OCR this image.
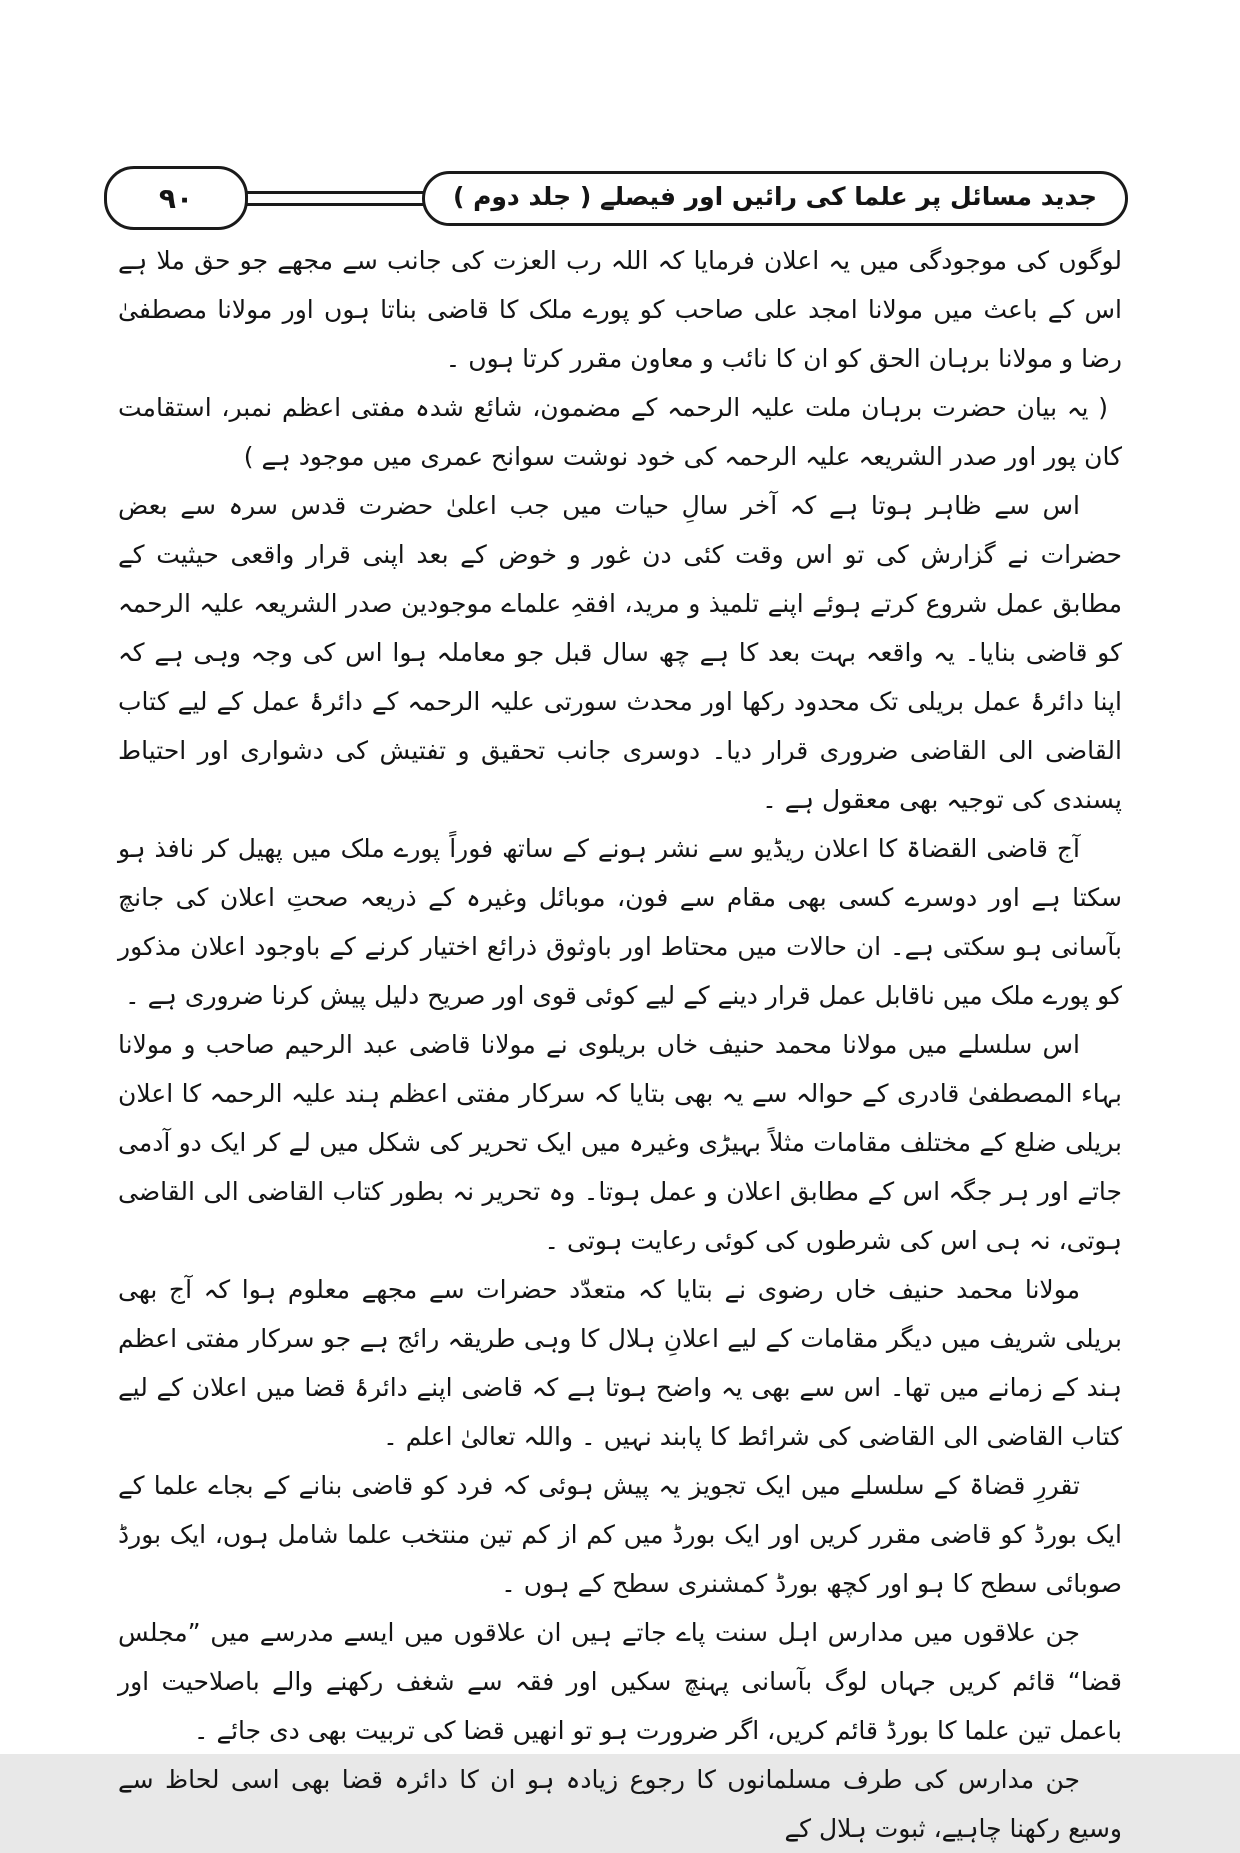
۹۰	جدید مسائل پر علما کی رائیں اور فیصلے ( جلد دوم )

لوگوں کی موجودگی میں یہ اعلان فرمایا کہ اللہ رب العزت کی جانب سے مجھے جو حق ملا ہے اس کے باعث میں مولانا امجد علی صاحب کو پورے ملک کا قاضی بناتا ہوں اور مولانا مصطفیٰ رضا و مولانا برہان الحق کو ان کا نائب و معاون مقرر کرتا ہوں ۔

( یہ بیان حضرت برہان ملت علیہ الرحمہ کے مضمون، شائع شدہ مفتی اعظم نمبر، استقامت کان پور اور صدر الشریعہ علیہ الرحمہ کی خود نوشت سوانح عمری میں موجود ہے )

اس سے ظاہر ہوتا ہے کہ آخر سالِ حیات میں جب اعلیٰ حضرت قدس سرہ سے بعض حضرات نے گزارش کی تو اس وقت کئی دن غور و خوض کے بعد اپنی قرار واقعی حیثیت کے مطابق عمل شروع کرتے ہوئے اپنے تلمیذ و مرید، افقہِ علماے موجودین صدر الشریعہ علیہ الرحمہ کو قاضی بنایا۔ یہ واقعہ بہت بعد کا ہے چھ سال قبل جو معاملہ ہوا اس کی وجہ وہی ہے کہ اپنا دائرۂ عمل بریلی تک محدود رکھا اور محدث سورتی علیہ الرحمہ کے دائرۂ عمل کے لیے کتاب القاضی الی القاضی ضروری قرار دیا۔ دوسری جانب تحقیق و تفتیش کی دشواری اور احتیاط پسندی کی توجیہ بھی معقول ہے ۔

آج قاضی القضاۃ کا اعلان ریڈیو سے نشر ہونے کے ساتھ فوراً پورے ملک میں پھیل کر نافذ ہو سکتا ہے اور دوسرے کسی بھی مقام سے فون، موبائل وغیرہ کے ذریعہ صحتِ اعلان کی جانچ بآسانی ہو سکتی ہے۔ ان حالات میں محتاط اور باوثوق ذرائع اختیار کرنے کے باوجود اعلان مذکور کو پورے ملک میں ناقابل عمل قرار دینے کے لیے کوئی قوی اور صریح دلیل پیش کرنا ضروری ہے ۔

اس سلسلے میں مولانا محمد حنیف خاں بریلوی نے مولانا قاضی عبد الرحیم صاحب و مولانا بہاء المصطفیٰ قادری کے حوالہ سے یہ بھی بتایا کہ سرکار مفتی اعظم ہند علیہ الرحمہ کا اعلان بریلی ضلع کے مختلف مقامات مثلاً بہیڑی وغیرہ میں ایک تحریر کی شکل میں لے کر ایک دو آدمی جاتے اور ہر جگہ اس کے مطابق اعلان و عمل ہوتا۔ وہ تحریر نہ بطور کتاب القاضی الی القاضی ہوتی، نہ ہی اس کی شرطوں کی کوئی رعایت ہوتی ۔

مولانا محمد حنیف خاں رضوی نے بتایا کہ متعدّد حضرات سے مجھے معلوم ہوا کہ آج بھی بریلی شریف میں دیگر مقامات کے لیے اعلانِ ہلال کا وہی طریقہ رائج ہے جو سرکار مفتی اعظم ہند کے زمانے میں تھا۔ اس سے بھی یہ واضح ہوتا ہے کہ قاضی اپنے دائرۂ قضا میں اعلان کے لیے کتاب القاضی الی القاضی کی شرائط کا پابند نہیں ۔ واللہ تعالیٰ اعلم ۔

تقررِ قضاۃ کے سلسلے میں ایک تجویز یہ پیش ہوئی کہ فرد کو قاضی بنانے کے بجاے علما کے ایک بورڈ کو قاضی مقرر کریں اور ایک بورڈ میں کم از کم تین منتخب علما شامل ہوں، ایک بورڈ صوبائی سطح کا ہو اور کچھ بورڈ کمشنری سطح کے ہوں ۔

جن علاقوں میں مدارس اہل سنت پاے جاتے ہیں ان علاقوں میں ایسے مدرسے میں ”مجلس قضا“ قائم کریں جہاں لوگ بآسانی پہنچ سکیں اور فقہ سے شغف رکھنے والے باصلاحیت اور باعمل تین علما کا بورڈ قائم کریں، اگر ضرورت ہو تو انھیں قضا کی تربیت بھی دی جائے ۔

جن مدارس کی طرف مسلمانوں کا رجوع زیادہ ہو ان کا دائرہ قضا بھی اسی لحاظ سے وسیع رکھنا چاہیے، ثبوت ہلال کے
